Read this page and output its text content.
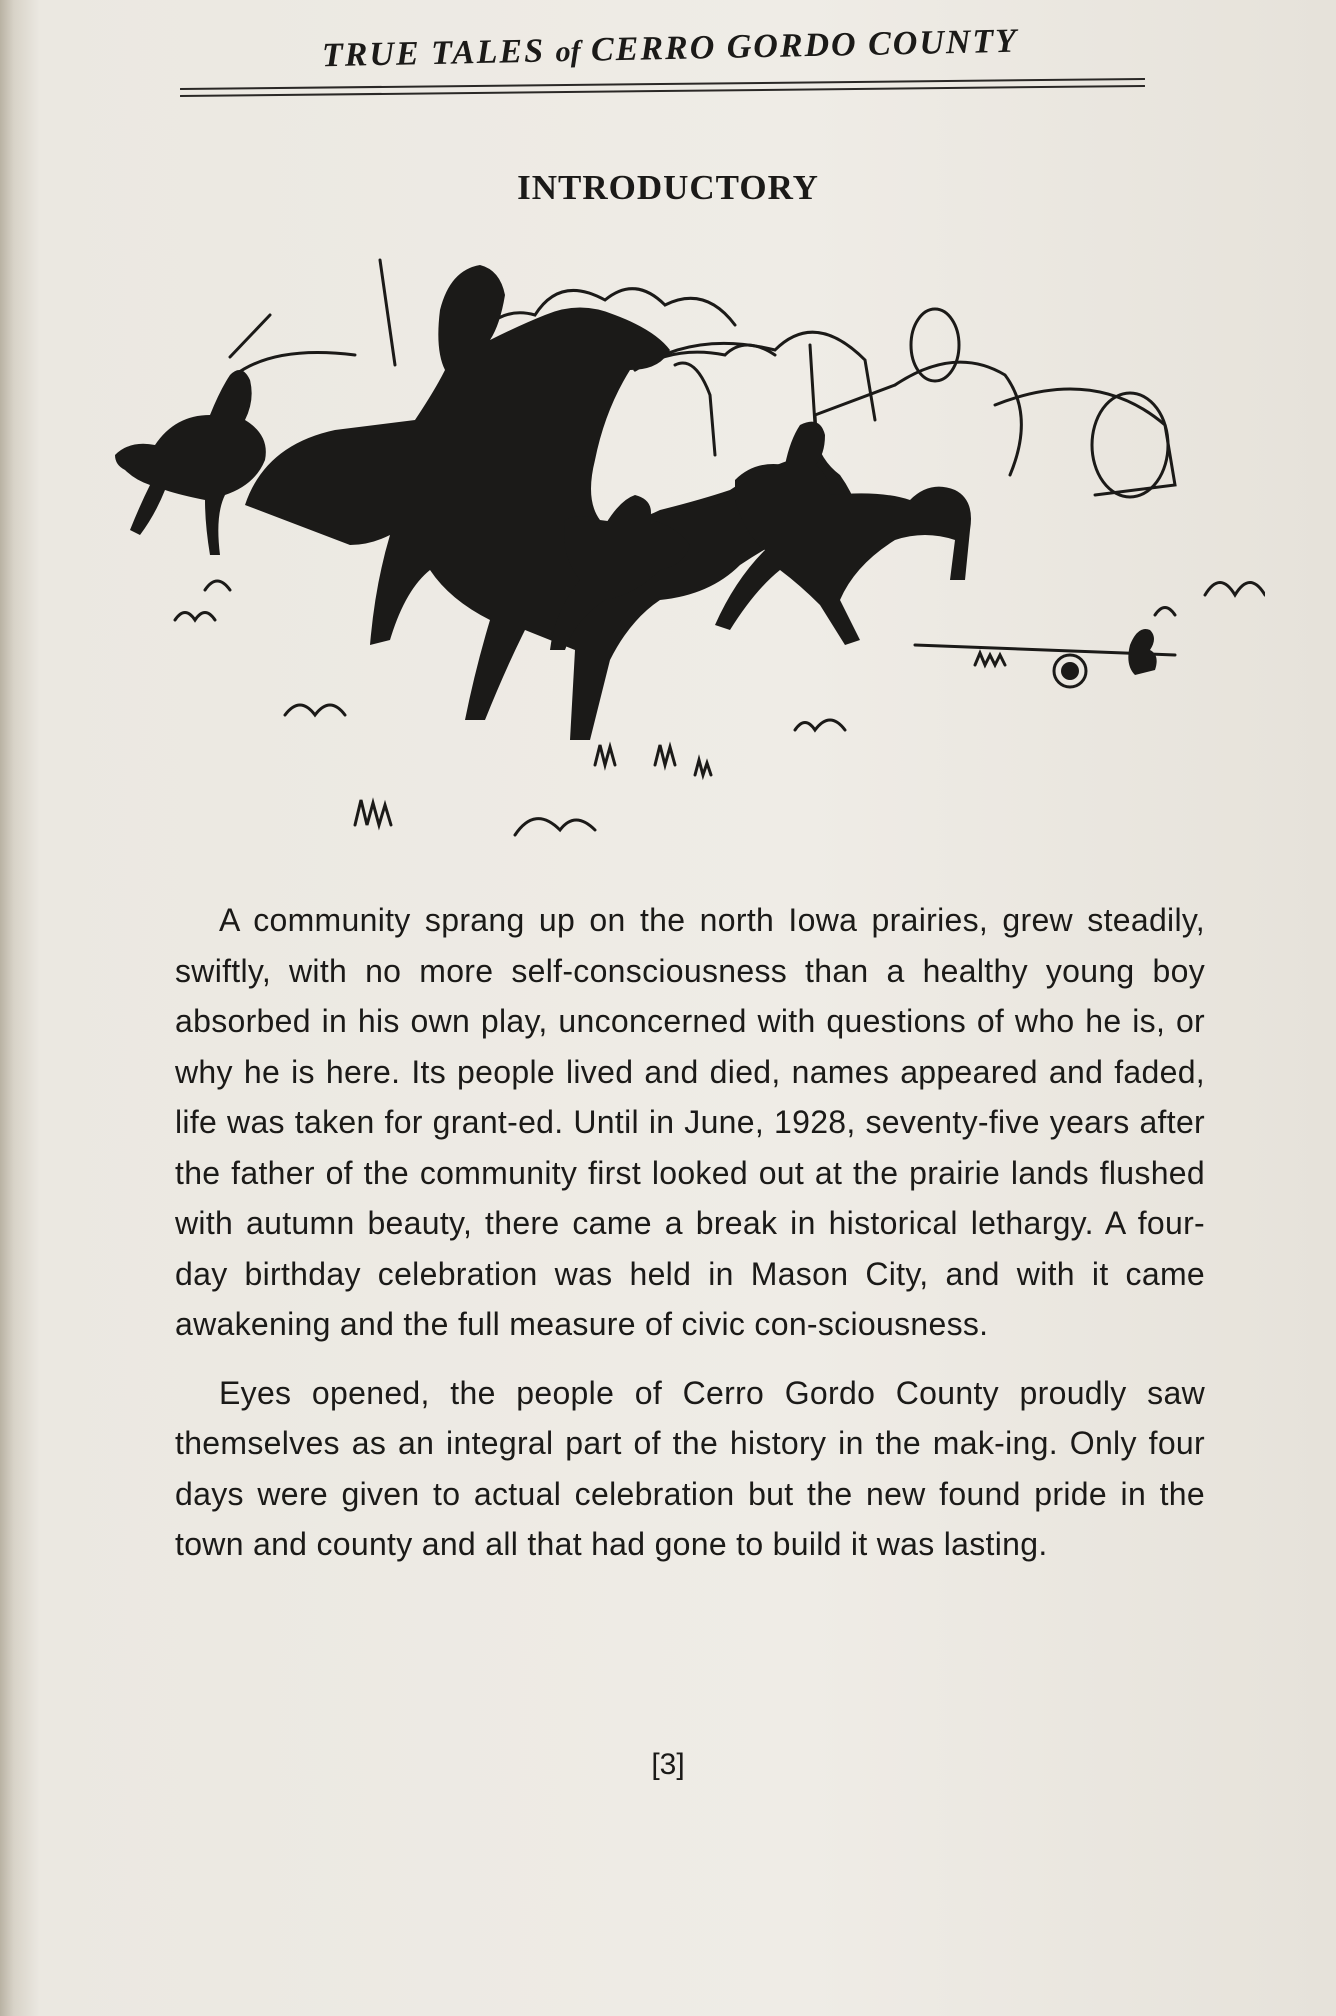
TRUE TALES of CERRO GORDO COUNTY
INTRODUCTORY

A community sprang up on the north Iowa prairies, grew steadily, swiftly, with no more self-consciousness than a healthy young boy absorbed in his own play, unconcerned with questions of who he is, or why he is here. Its people lived and died, names appeared and faded, life was taken for grant-ed. Until in June, 1928, seventy-five years after the father of the community first looked out at the prairie lands flushed with autumn beauty, there came a break in historical lethargy. A four-day birthday celebration was held in Mason City, and with it came awakening and the full measure of civic con-sciousness.

Eyes opened, the people of Cerro Gordo County proudly saw themselves as an integral part of the history in the mak-ing. Only four days were given to actual celebration but the new found pride in the town and county and all that had gone to build it was lasting.

[3]
